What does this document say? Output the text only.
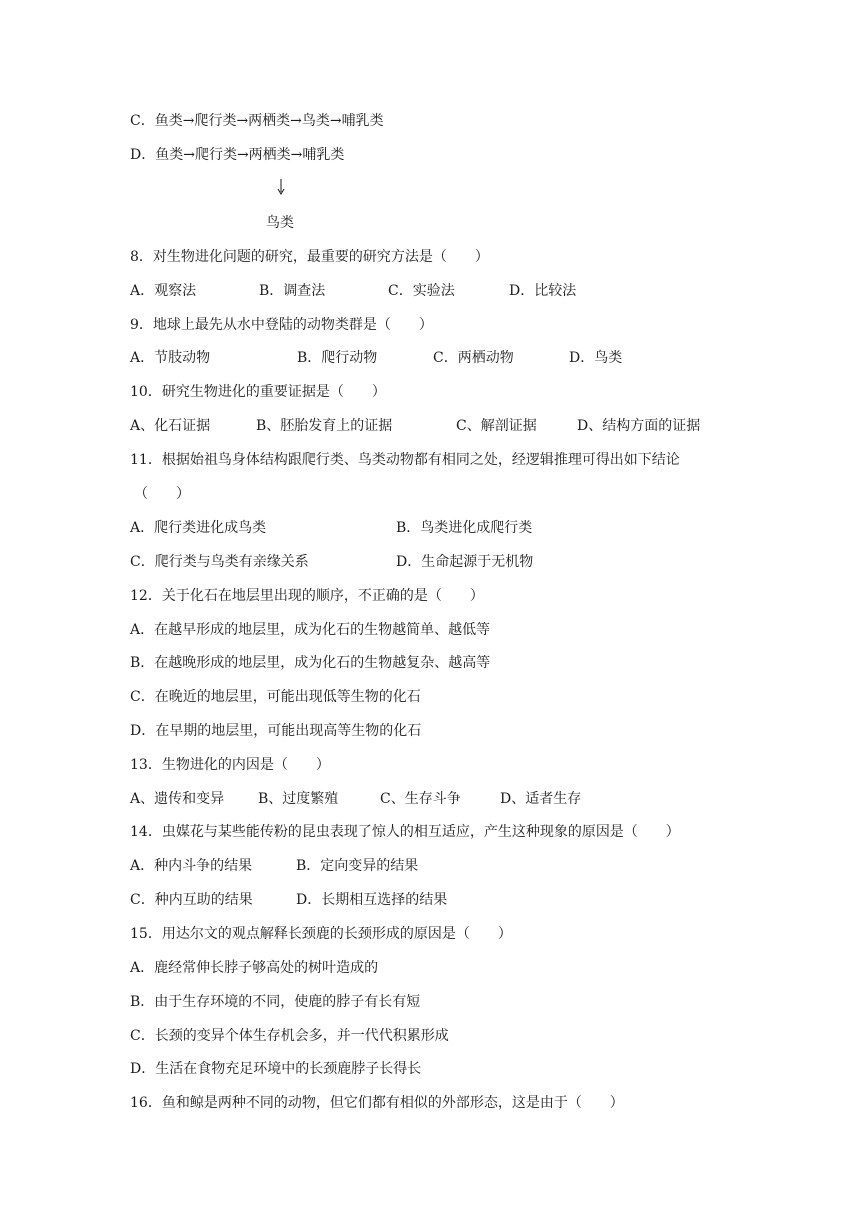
C．鱼类→爬行类→两栖类→鸟类→哺乳类
D．鱼类→爬行类→两栖类→哺乳类
鸟类
8．对生物进化问题的研究，最重要的研究方法是（　　）
A．观察法	B．调查法	C．实验法	D．比较法
9．地球上最先从水中登陆的动物类群是（　　）
A．节肢动物	B．爬行动物	C．两栖动物	D．鸟类
10．研究生物进化的重要证据是（　　）
A、化石证据	B、胚胎发育上的证据	C、解剖证据	D、结构方面的证据
11．根据始祖鸟身体结构跟爬行类、鸟类动物都有相同之处，经逻辑推理可得出如下结论
（　　）
A．爬行类进化成鸟类	B．鸟类进化成爬行类
C．爬行类与鸟类有亲缘关系	D．生命起源于无机物
12．关于化石在地层里出现的顺序，不正确的是（　　）
A．在越早形成的地层里，成为化石的生物越简单、越低等
B．在越晚形成的地层里，成为化石的生物越复杂、越高等
C．在晚近的地层里，可能出现低等生物的化石
D．在早期的地层里，可能出现高等生物的化石
13．生物进化的内因是（　　）
A、遗传和变异 B、过度繁殖	C、生存斗争	D、适者生存
14．虫媒花与某些能传粉的昆虫表现了惊人的相互适应，产生这种现象的原因是（　　）
A．种内斗争的结果	B．定向变异的结果
C．种内互助的结果	D．长期相互选择的结果
15．用达尔文的观点解释长颈鹿的长颈形成的原因是（　　）
A．鹿经常伸长脖子够高处的树叶造成的
B．由于生存环境的不同，使鹿的脖子有长有短
C．长颈的变异个体生存机会多，并一代代积累形成
D．生活在食物充足环境中的长颈鹿脖子长得长
16．鱼和鲸是两种不同的动物，但它们都有相似的外部形态，这是由于（　　）
